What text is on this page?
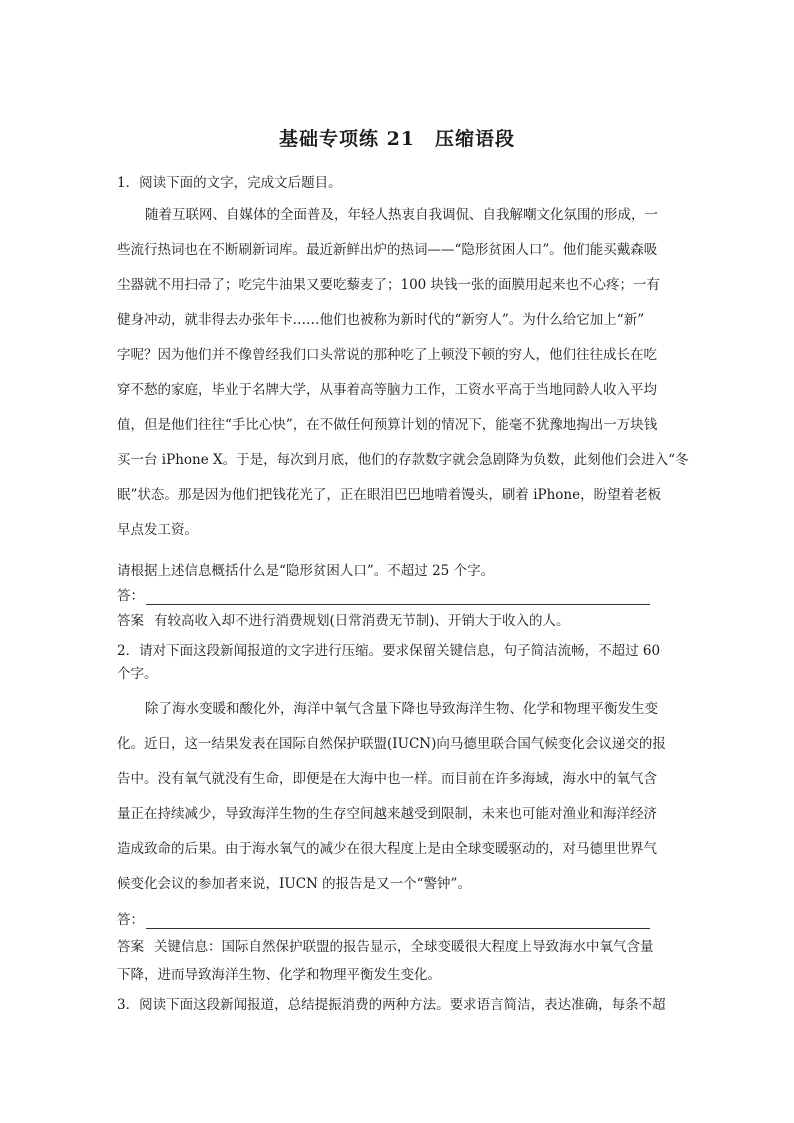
基础专项练 21　压缩语段
1．阅读下面的文字，完成文后题目。
随着互联网、自媒体的全面普及，年轻人热衷自我调侃、自我解嘲文化氛围的形成，一
些流行热词也在不断刷新词库。最近新鲜出炉的热词——“隐形贫困人口”。他们能买戴森吸
尘器就不用扫帚了；吃完牛油果又要吃藜麦了；100 块钱一张的面膜用起来也不心疼；一有
健身冲动，就非得去办张年卡……他们也被称为新时代的“新穷人”。为什么给它加上“新”
字呢？因为他们并不像曾经我们口头常说的那种吃了上顿没下顿的穷人，他们往往成长在吃
穿不愁的家庭，毕业于名牌大学，从事着高等脑力工作，工资水平高于当地同龄人收入平均
值，但是他们往往“手比心快”，在不做任何预算计划的情况下，能毫不犹豫地掏出一万块钱
买一台 iPhone X。于是，每次到月底，他们的存款数字就会急剧降为负数，此刻他们会进入“冬
眠”状态。那是因为他们把钱花光了，正在眼泪巴巴地啃着馒头，刷着 iPhone，盼望着老板
早点发工资。
请根据上述信息概括什么是“隐形贫困人口”。不超过 25 个字。
答：
答案 有较高收入却不进行消费规划(日常消费无节制)、开销大于收入的人。
2．请对下面这段新闻报道的文字进行压缩。要求保留关键信息，句子简洁流畅，不超过 60
个字。
除了海水变暖和酸化外，海洋中氧气含量下降也导致海洋生物、化学和物理平衡发生变
化。近日，这一结果发表在国际自然保护联盟(IUCN)向马德里联合国气候变化会议递交的报
告中。没有氧气就没有生命，即便是在大海中也一样。而目前在许多海域，海水中的氧气含
量正在持续减少，导致海洋生物的生存空间越来越受到限制，未来也可能对渔业和海洋经济
造成致命的后果。由于海水氧气的减少在很大程度上是由全球变暖驱动的，对马德里世界气
候变化会议的参加者来说，IUCN 的报告是又一个“警钟”。
答：
答案 关键信息：国际自然保护联盟的报告显示，全球变暖很大程度上导致海水中氧气含量
下降，进而导致海洋生物、化学和物理平衡发生变化。
3．阅读下面这段新闻报道，总结提振消费的两种方法。要求语言简洁，表达准确，每条不超
